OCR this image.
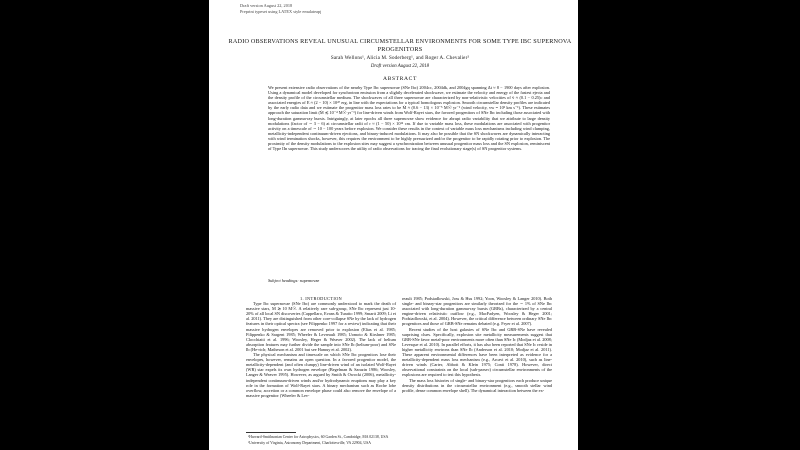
Draft version August 22, 2018
Preprint typeset using LATEX style emulateapj
RADIO OBSERVATIONS REVEAL UNUSUAL CIRCUMSTELLAR ENVIRONMENTS FOR SOME TYPE IBC SUPERNOVA PROGENITORS
Sarah Wellons¹, Alicia M. Soderberg¹, and Roger A. Chevalier²
Draft version August 22, 2018
ABSTRACT

We present extensive radio observations of the nearby Type Ibc supernovae (SNe Ibc) 2004cc, 2004dk, and 2004gq spanning Δt ≈ 8 − 1900 days after explosion. Using a dynamical model developed for synchrotron emission from a slightly decelerated shockwave, we estimate the velocity and energy of the fastest ejecta and the density profile of the circumstellar medium. The shockwaves of all three supernovae are characterized by non-relativistic velocities of v̄ ≈ (0.1 − 0.25)c and associated energies of E ≈ (2 − 10) × 10⁴⁷ erg, in line with the expectations for a typical homologous explosion. Smooth circumstellar density profiles are indicated by the early radio data and we estimate the progenitor mass loss rates to be Ṁ ≈ (0.6 − 13) × 10⁻⁵ M☉ yr⁻¹ (wind velocity, vw = 10³ km s⁻¹). These estimates approach the saturation limit (Ṁ ≲ 10⁻⁴ M☉ yr⁻¹) for line-driven winds from Wolf-Rayet stars, the favored progenitors of SNe Ibc including those associated with long-duration gamma-ray bursts. Intriguingly, at later epochs all three supernovae show evidence for abrupt radio variability that we attribute to large density modulations (factor of ∼ 3 − 6) at circumstellar radii of r ≈ (1 − 50) × 10¹⁶ cm. If due to variable mass loss, these modulations are associated with progenitor activity on a timescale of ∼ 10 − 100 years before explosion. We consider these results in the context of variable mass loss mechanisms including wind clumping, metallicity-independent continuum-driven ejections, and binary-induced modulations. It may also be possible that the SN shockwaves are dynamically interacting with wind termination shocks, however, this requires the environment to be highly pressurized and/or the progenitor to be rapidly rotating prior to explosion. The proximity of the density modulations to the explosion sites may suggest a synchronization between unusual progenitor mass loss and the SN explosion, reminiscent of Type IIn supernovae. This study underscores the utility of radio observations for tracing the final evolutionary stage(s) of SN progenitor systems.

Subject headings: supernovae

1. INTRODUCTION

Type Ibc supernovae (SNe Ibc) are commonly understood to mark the death of massive stars, M ≳ 10 M☉. A relatively rare sub-group, SNe Ibc represent just 10-20% of all local SN discoveries (Cappellaro, Evans & Turatto 1999; Smartt 2009; Li et al. 2011). They are distinguished from other core-collapse SNe by the lack of hydrogen features in their optical spectra (see Filippenko 1997 for a review) indicating that their massive hydrogen envelopes are removed prior to explosion (Elias et al. 1985; Filippenko & Sargent 1985; Wheeler & Levreault 1985; Uomoto & Kirshner 1985; Clocchiatti et al. 1996; Woosley, Heger & Weaver 2002). The lack of helium absorption features may further divide the sample into SNe Ib (helium-poor) and SNe Ib (He-rich; Matheson et al. 2001 but see Hamuy et al. 2002).

The physical mechanism and timescale on which SNe Ibc progenitors lose their envelopes, however, remains an open question. In a favored progenitor model, the metallicity-dependent (and often clumpy) line-driven wind of an isolated Wolf-Rayet (WR) star expels its own hydrogen envelope (Begelman & Sarazin 1986; Woosley, Langer & Weaver 1995). However, as argued by Smith & Owocki (2006), metallicity-independent continuum-driven winds and/or hydrodynamic eruptions may play a key role in the formation of Wolf-Rayet stars. A binary mechanism such as Roche lobe overflow, accretion or a common envelope phase could also remove the envelope of a massive progenitor (Wheeler & Lev-

reault 1985; Podsiadlowski, Joss & Hsu 1992; Yoon, Woosley & Langer 2010). Both single- and binary-star progenitors are similarly theorized for the ∼ 1% of SNe Ibc associated with long-duration gamma-ray bursts (GRBs), characterized by a central engine-driven relativistic outflow (e.g., MacFadyen, Woosley & Heger 2001; Podsiadlowski, et al. 2004). However, the critical difference between ordinary SNe Ibc progenitors and those of GRB-SNe remains debated (e.g. Fryer et al. 2007).

Recent studies of the host galaxies of SNe Ibc and GRB-SNe have revealed surprising clues. Specifically, explosion site metallicity measurements suggest that GRB-SNe favor metal-poor environments more often than SNe Ic (Modjaz et al. 2008; Levesque et al. 2010). In parallel efforts, it has also been reported that SNe Ic reside in higher metallicity environs than SNe Ib (Anderson et al. 2010; Modjaz et al. 2011). These apparent environmental differences have been interpreted as evidence for a metallicity-dependent mass loss mechanism (e.g., Arcavi et al. 2010), such as line-driven winds (Carter, Abbott & Klein 1975; Conti 1978). However, direct observational constraints on the local (sub-parsec) circumstellar environments of the explosions are required to test this hypothesis.

The mass loss histories of single- and binary-star progenitors each produce unique density distributions in the circumstellar environment (e.g., smooth stellar wind profile, dense common envelope shell). The dynamical interaction between the ex-

¹Harvard-Smithsonian Center for Astrophysics, 60 Garden St., Cambridge, MA 02138, USA
²University of Virginia, Astronomy Department, Charlottesville, VA 22904, USA
